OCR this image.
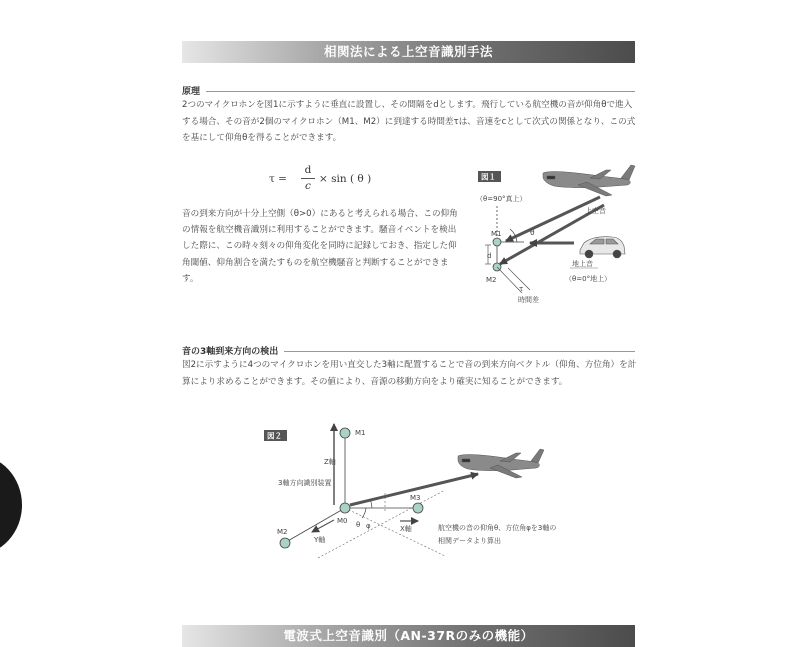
相関法による上空音識別手法
原理

2つのマイクロホンを図1に示すように垂直に設置し、その間隔をdとします。飛行している航空機の音が仰角θで進入する場合、その音が2個のマイクロホン（M1、M2）に到達する時間差τは、音速をcとして次式の関係となり、この式を基にして仰角θを得ることができます。

τ =
d
c
× sin ( θ )

音の到来方向が十分上空側（θ>0）にあると考えられる場合、この仰角の情報を航空機音識別に利用することができます。騒音イベントを検出した際に、この時々刻々の仰角変化を同時に記録しておき、指定した仰角閾値、仰角割合を満たすものを航空機騒音と判断することができます。

図１
（θ=90°真上）
上空音
θ
地上音
（θ=0°地上）
d
M1
M2
τ
時間差
音の3軸到来方向の検出

図2に示すように4つのマイクロホンを用い直交した3軸に配置することで音の到来方向ベクトル（仰角、方位角）を計算により求めることができます。その値により、音源の移動方向をより確実に知ることができます。

図２
Z軸
3軸方向識別装置
X軸
Y軸
θ φ
M1
M0
M3
M2	航空機の音の仰角θ、方位角φを3軸の
相関データより算出
電波式上空音識別（AN-37Rのみの機能）
